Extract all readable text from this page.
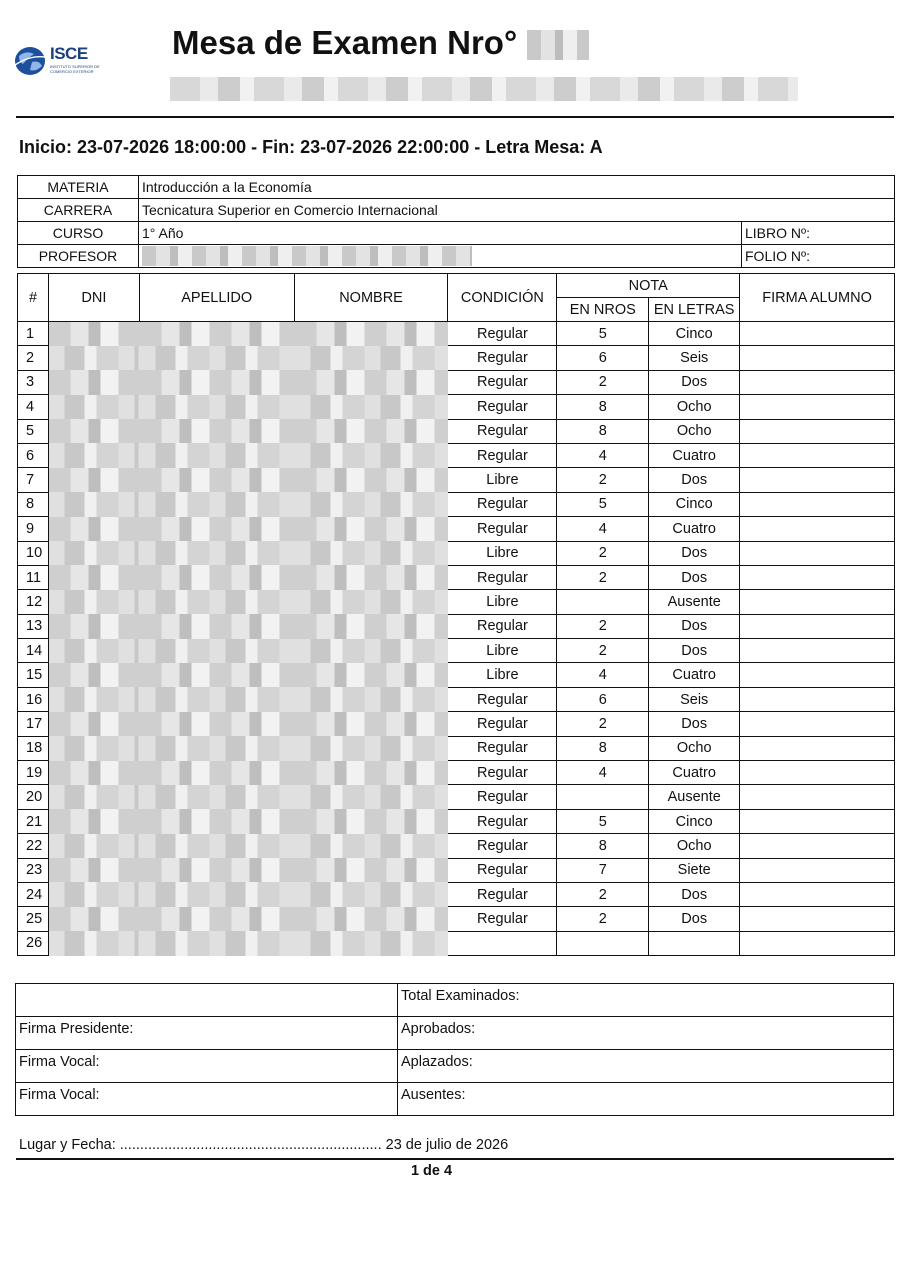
ISCE
INSTITUTO SUPERIOR DE COMERCIO EXTERIOR
Mesa de Examen Nro°
Inicio: 23-07-2026 18:00:00 - Fin: 23-07-2026 22:00:00 - Letra Mesa: A
MATERIA	Introducción a la Economía	
CARRERA	Tecnicatura Superior en Comercio Internacional	
CURSO	1° Año	LIBRO Nº:
PROFESOR		FOLIO Nº:
#	DNI	APELLIDO	NOMBRE	CONDICIÓN	NOTA		FIRMA ALUMNO
					EN NROS	EN LETRAS	
1				Regular	5	Cinco	
2				Regular	6	Seis	
3				Regular	2	Dos	
4				Regular	8	Ocho	
5				Regular	8	Ocho	
6				Regular	4	Cuatro	
7				Libre	2	Dos	
8				Regular	5	Cinco	
9				Regular	4	Cuatro	
10				Libre	2	Dos	
11				Regular	2	Dos	
12				Libre		Ausente	
13				Regular	2	Dos	
14				Libre	2	Dos	
15				Libre	4	Cuatro	
16				Regular	6	Seis	
17				Regular	2	Dos	
18				Regular	8	Ocho	
19				Regular	4	Cuatro	
20				Regular		Ausente	
21				Regular	5	Cinco	
22				Regular	8	Ocho	
23				Regular	7	Siete	
24				Regular	2	Dos	
25				Regular	2	Dos	
26							

	Total Examinados:

Firma Presidente:	Aprobados:

Firma Vocal:	Aplazados:

Firma Vocal:	Ausentes:
Lugar y Fecha: ................................................................. 23 de julio de 2026
1 de 4
